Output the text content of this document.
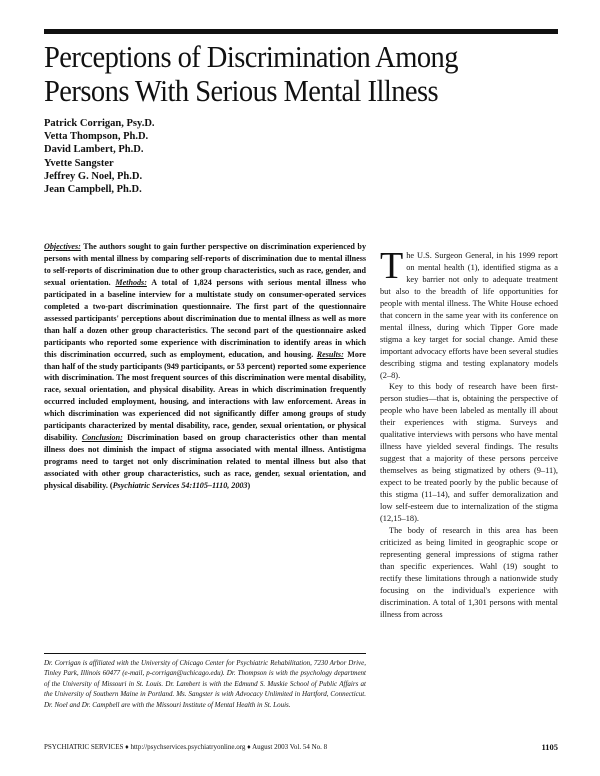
Perceptions of Discrimination Among
Persons With Serious Mental Illness
Patrick Corrigan, Psy.D.
Vetta Thompson, Ph.D.
David Lambert, Ph.D.
Yvette Sangster
Jeffrey G. Noel, Ph.D.
Jean Campbell, Ph.D.

Objectives: The authors sought to gain further perspective on discrimination experienced by persons with mental illness by comparing self-reports of discrimination due to mental illness to self-reports of discrimination due to other group characteristics, such as race, gender, and sexual orientation. Methods: A total of 1,824 persons with serious mental illness who participated in a baseline interview for a multistate study on consumer-operated services completed a two-part discrimination questionnaire. The first part of the questionnaire assessed participants' perceptions about discrimination due to mental illness as well as more than half a dozen other group characteristics. The second part of the questionnaire asked participants who reported some experience with discrimination to identify areas in which this discrimination occurred, such as employment, education, and housing. Results: More than half of the study participants (949 participants, or 53 percent) reported some experience with discrimination. The most frequent sources of this discrimination were mental disability, race, sexual orientation, and physical disability. Areas in which discrimination frequently occurred included employment, housing, and interactions with law enforcement. Areas in which discrimination was experienced did not significantly differ among groups of study participants characterized by mental disability, race, gender, sexual orientation, or physical disability. Conclusion: Discrimination based on group characteristics other than mental illness does not diminish the impact of stigma associated with mental illness. Antistigma programs need to target not only discrimination related to mental illness but also that associated with other group characteristics, such as race, gender, sexual orientation, and physical disability. (Psychiatric Services 54:1105–1110, 2003)

Dr. Corrigan is affiliated with the University of Chicago Center for Psychiatric Rehabilitation, 7230 Arbor Drive, Tinley Park, Illinois 60477 (e-mail, p-corrigan@uchicago.edu). Dr. Thompson is with the psychology department of the University of Missouri in St. Louis. Dr. Lambert is with the Edmund S. Muskie School of Public Affairs at the University of Southern Maine in Portland. Ms. Sangster is with Advocacy Unlimited in Hartford, Connecticut. Dr. Noel and Dr. Campbell are with the Missouri Institute of Mental Health in St. Louis.

The U.S. Surgeon General, in his 1999 report on mental health (1), identified stigma as a key barrier not only to adequate treatment but also to the breadth of life opportunities for people with mental illness. The White House echoed that concern in the same year with its conference on mental illness, during which Tipper Gore made stigma a key target for social change. Amid these important advocacy efforts have been several studies describing stigma and testing explanatory models (2–8).

Key to this body of research have been first-person studies—that is, obtaining the perspective of people who have been labeled as mentally ill about their experiences with stigma. Surveys and qualitative interviews with persons who have mental illness have yielded several findings. The results suggest that a majority of these persons perceive themselves as being stigmatized by others (9–11), expect to be treated poorly by the public because of this stigma (11–14), and suffer demoralization and low self-esteem due to internalization of the stigma (12,15–18).

The body of research in this area has been criticized as being limited in geographic scope or representing general impressions of stigma rather than specific experiences. Wahl (19) sought to rectify these limitations through a nationwide study focusing on the individual's experience with discrimination. A total of 1,301 persons with mental illness from across

PSYCHIATRIC SERVICES ♦ http://psychservices.psychiatryonline.org ♦ August 2003 Vol. 54 No. 8	1105
